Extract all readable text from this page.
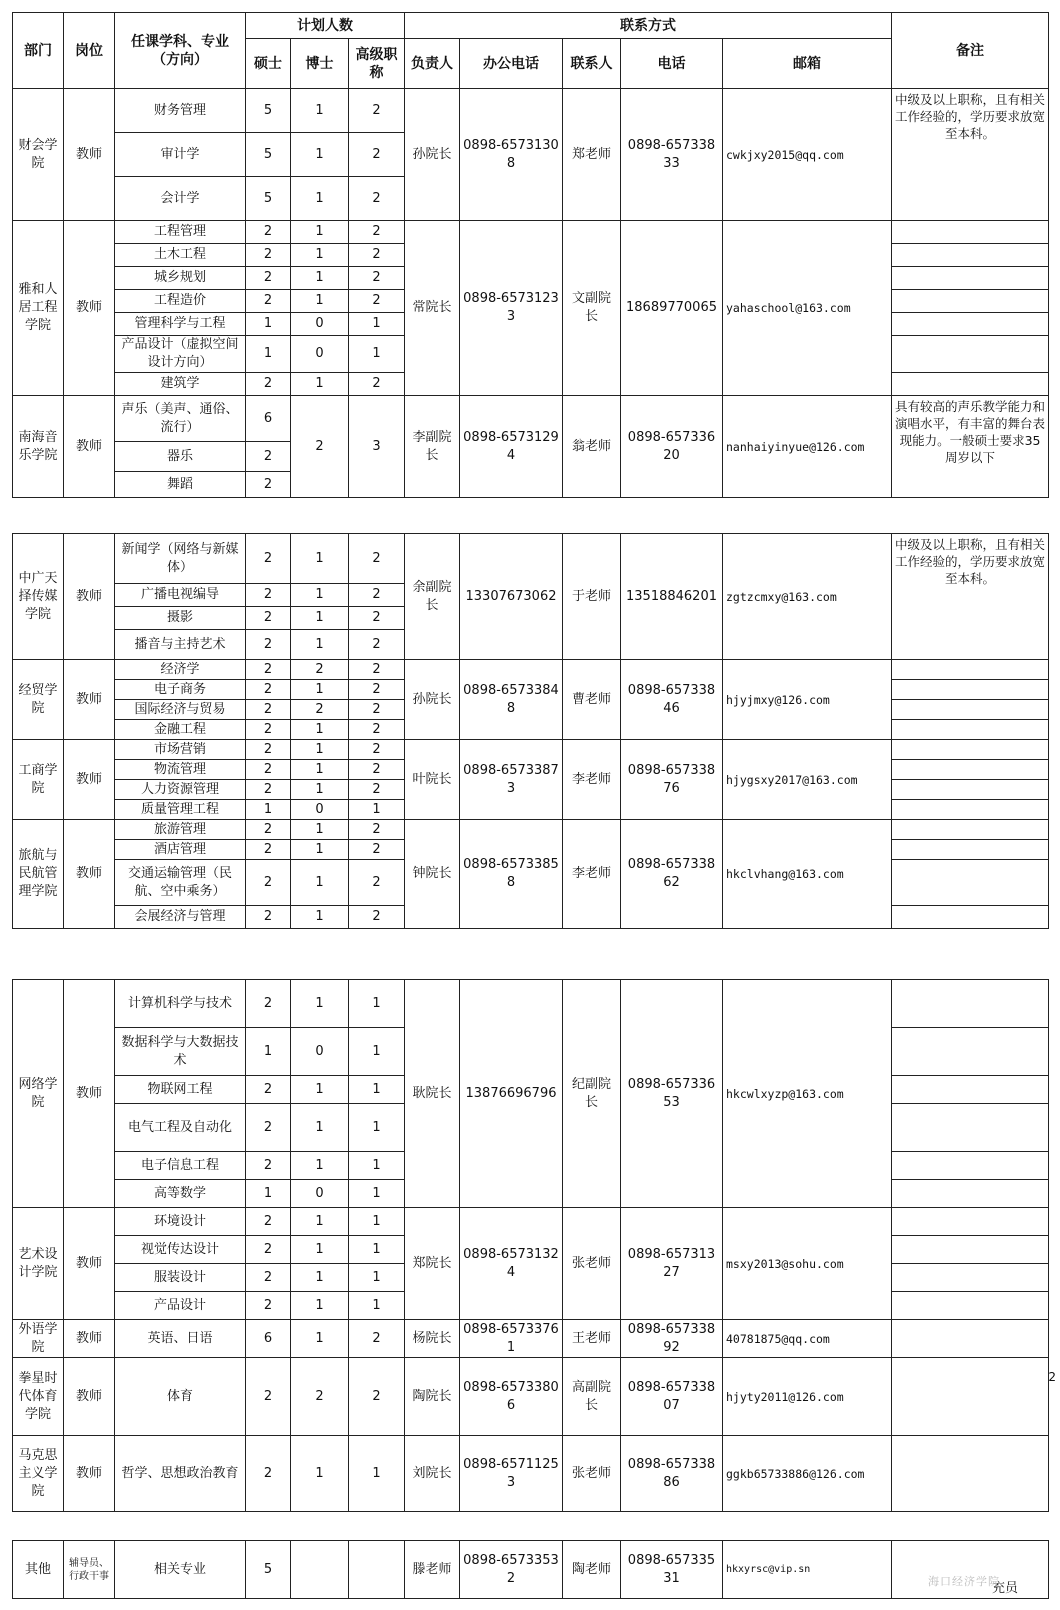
部门	岗位	任课学科、专业（方向）	计划人数			联系方式					备注
			硕士	博士	高级职称	负责人	办公电话	联系人	电话	邮箱	
财会学院	教师	财务管理	5	1	2	孙院长	0898-65731308	郑老师	0898-65733833	cwkjxy2015@qq.com	中级及以上职称，且有相关工作经验的，学历要求放宽至本科。
		审计学	5	1	2						
		会计学	5	1	2						
雅和人居工程学院	教师	工程管理	2	1	2	常院长	0898-65731233	文副院长	18689770065	yahaschool@163.com	
		土木工程	2	1	2						
		城乡规划	2	1	2						
		工程造价	2	1	2						
		管理科学与工程	1	0	1						
		产品设计（虚拟空间设计方向）	1	0	1						
		建筑学	2	1	2						
南海音乐学院	教师	声乐（美声、通俗、流行）	6	2	3	李副院长	0898-65731294	翁老师	0898-65733620	nanhaiyinyue@126.com	具有较高的声乐教学能力和演唱水平，有丰富的舞台表现能力。一般硕士要求35周岁以下
		器乐	2								
		舞蹈	2								
中广天择传媒学院	教师	新闻学（网络与新媒体）	2	1	2	余副院长	13307673062	于老师	13518846201	zgtzcmxy@163.com	中级及以上职称，且有相关工作经验的，学历要求放宽至本科。
		广播电视编导	2	1	2						
		摄影	2	1	2						
		播音与主持艺术	2	1	2						
经贸学院	教师	经济学	2	2	2	孙院长	0898-65733848	曹老师	0898-65733846	hjyjmxy@126.com	
		电子商务	2	1	2						
		国际经济与贸易	2	2	2						
		金融工程	2	1	2						
工商学院	教师	市场营销	2	1	2	叶院长	0898-65733873	李老师	0898-65733876	hjygsxy2017@163.com	
		物流管理	2	1	2						
		人力资源管理	2	1	2						
		质量管理工程	1	0	1						
旅航与民航管理学院	教师	旅游管理	2	1	2	钟院长	0898-65733858	李老师	0898-65733862	hkclvhang@163.com	
		酒店管理	2	1	2						
		交通运输管理（民航、空中乘务）	2	1	2						
		会展经济与管理	2	1	2						
网络学院	教师	计算机科学与技术	2	1	1	耿院长	13876696796	纪副院长	0898-65733653	hkcwlxyzp@163.com	
		数据科学与大数据技术	1	0	1						
		物联网工程	2	1	1						
		电气工程及自动化	2	1	1						
		电子信息工程	2	1	1						
		高等数学	1	0	1						
艺术设计学院	教师	环境设计	2	1	1	郑院长	0898-65731324	张老师	0898-65731327	msxy2013@sohu.com	
		视觉传达设计	2	1	1						
		服装设计	2	1	1						
		产品设计	2	1	1						
外语学院	教师	英语、日语	6	1	2	杨院长	0898-65733761	王老师	0898-65733892	40781875@qq.com	
拳星时代体育学院	教师	体育	2	2	2	陶院长	0898-65733806	高副院长	0898-65733807	hjyty2011@126.com	
马克思主义学院	教师	哲学、思想政治教育	2	1	1	刘院长	0898-65711253	张老师	0898-65733886	ggkb65733886@126.com	
其他	辅导员、行政干事	相关专业	5			滕老师	0898-65733532	陶老师	0898-65733531	hkxyrsc@vip.sn	充员
2
海口经济学院
